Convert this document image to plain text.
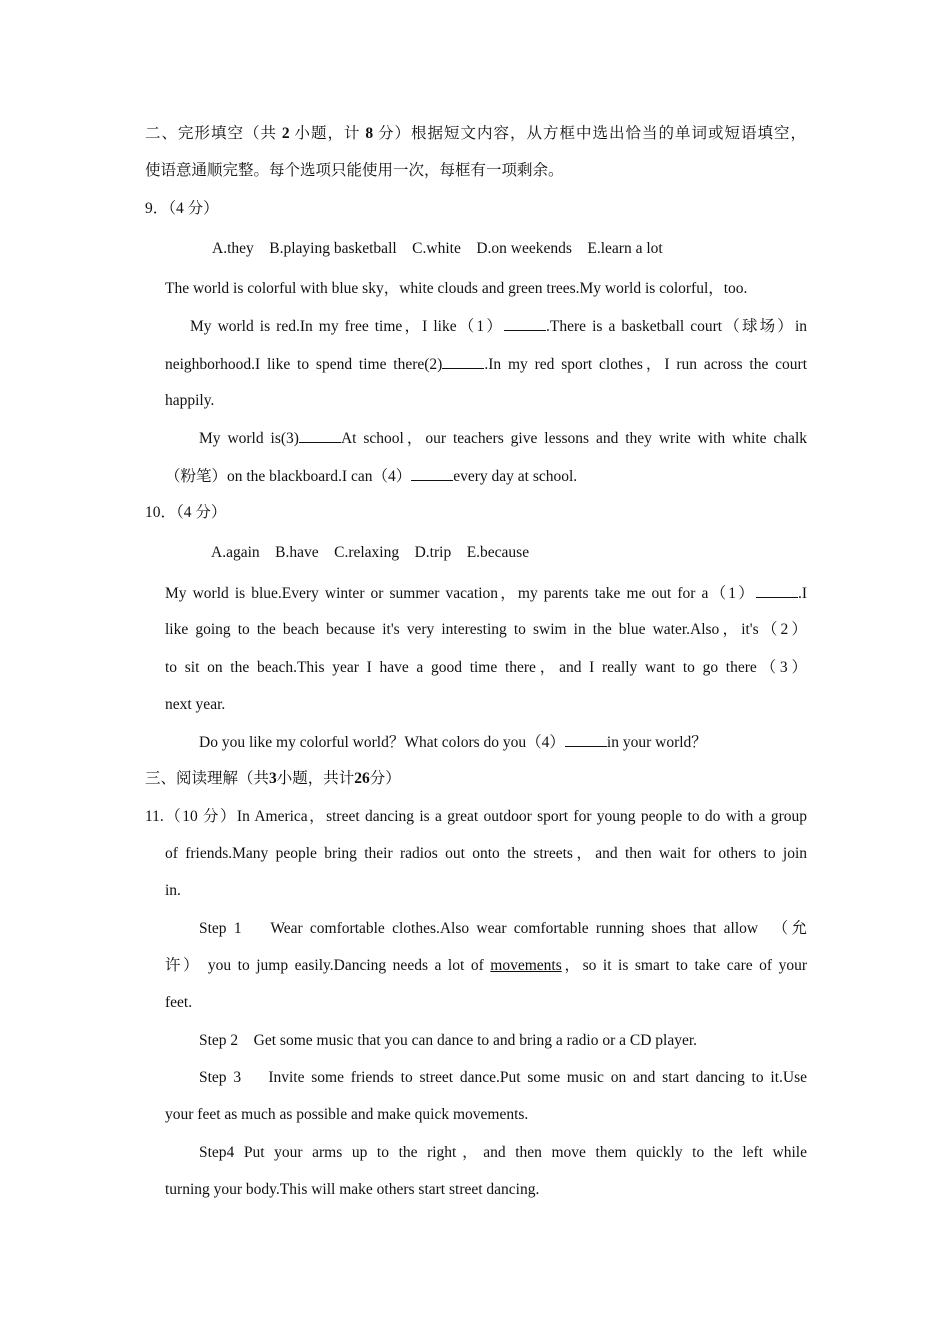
二、完形填空（共 2 小题，计 8 分）根据短文内容，从方框中选出恰当的单词或短语填空，
使语意通顺完整。每个选项只能使用一次，每框有一项剩余。
9．（4 分）
A.they    B.playing basketball    C.white    D.on weekends    E.learn a lot
The world is colorful with blue sky，white clouds and green trees.My world is colorful，too.
My world is red.In my free time，I like（1）	.There is a basketball court（球场）in
neighborhood.I like to spend time there(2)	.In my red sport clothes，I run across the court
happily.
My world is(3)	At school，our teachers give lessons and they write with white chalk
（粉笔）on the blackboard.I can（4）	every day at school.
10．（4 分）
A.again    B.have    C.relaxing    D.trip    E.because
My world is blue.Every winter or summer vacation，my parents take me out for a（1）	.I
like going to the beach because it's very interesting to swim in the blue water.Also，it's（2）
to sit on the beach.This year I have a good time there，and I really want to go there（3）
next year.
Do you like my colorful world？What colors do you（4）	in your world？
三、阅读理解（共3小题，共计26分）
11.（10 分）In America，street dancing is a great outdoor sport for young people to do with a group
of friends.Many people bring their radios out onto the streets，and then wait for others to join
in.
Step 1    Wear comfortable clothes.Also wear comfortable running shoes that allow  （允
许） you to jump easily.Dancing needs a lot of movements，so it is smart to take care of your
feet.
Step 2    Get some music that you can dance to and bring a radio or a CD player.
Step 3    Invite some friends to street dance.Put some music on and start dancing to it.Use
your feet as much as possible and make quick movements.
Step4 Put your arms up to the right，and then move them quickly to the left while
turning your body.This will make others start street dancing.
